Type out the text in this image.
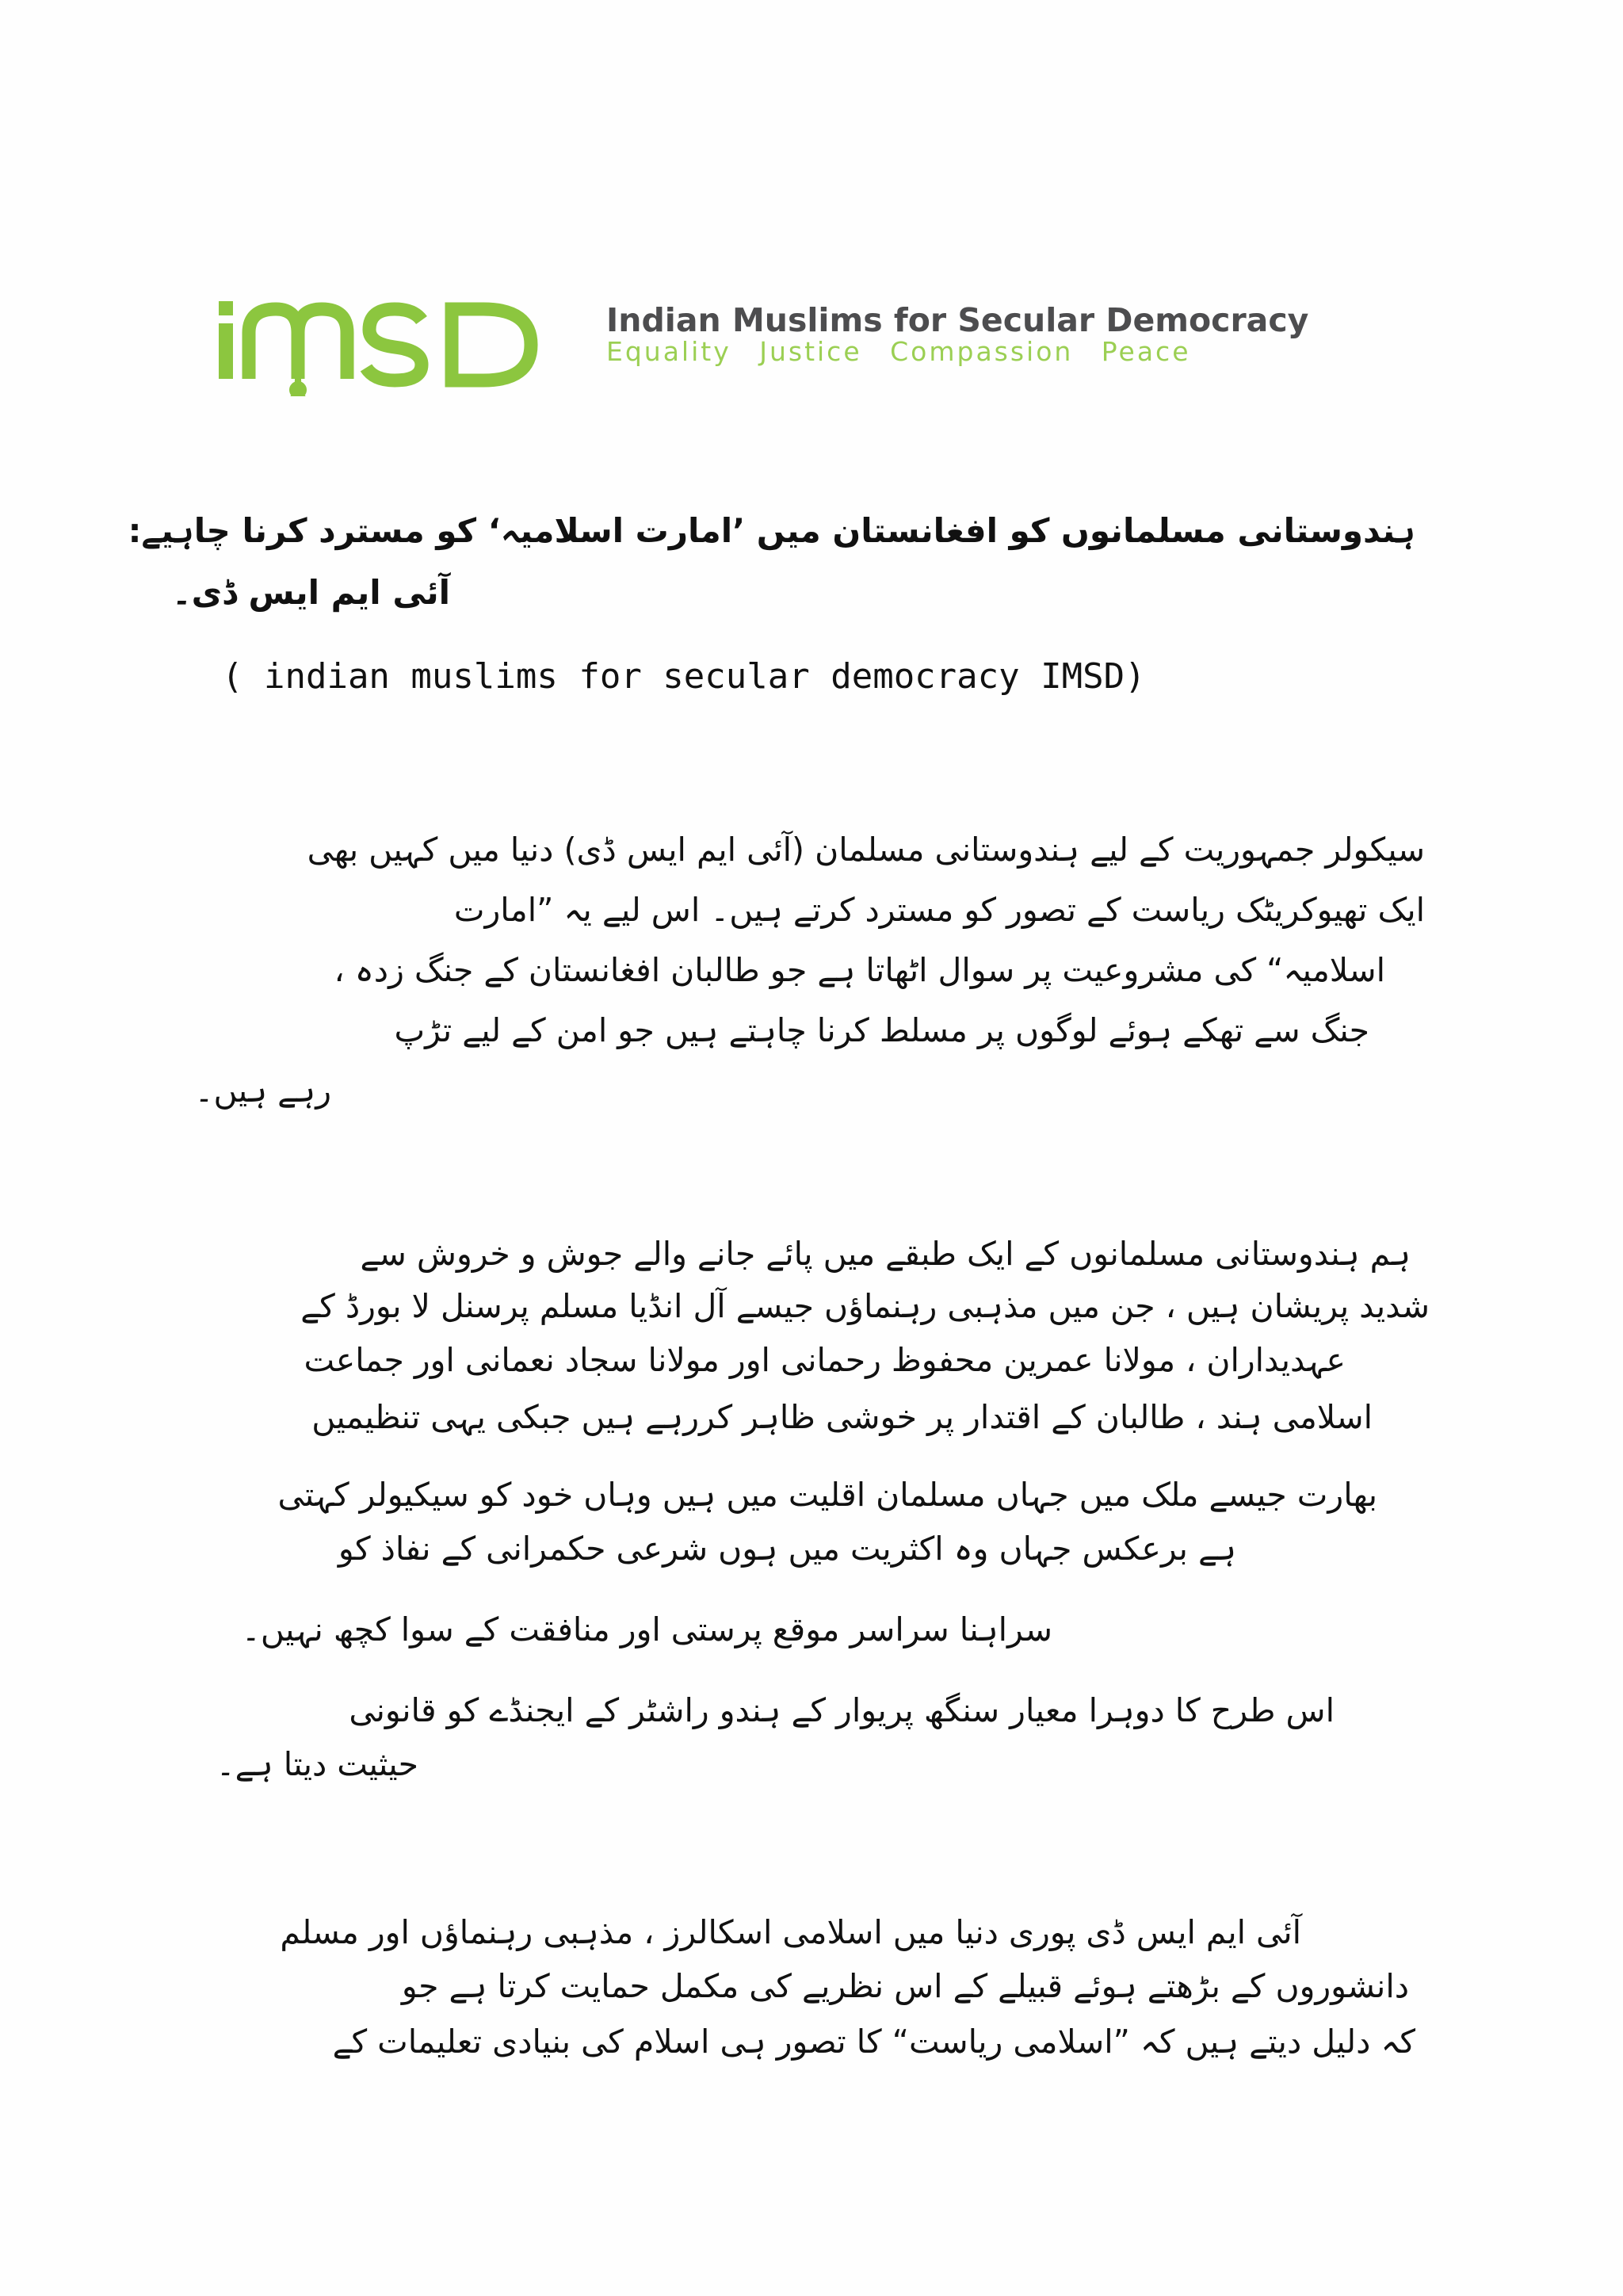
Indian Muslims for Secular Democracy
Equality Justice Compassion Peace
ہندوستانی مسلمانوں کو افغانستان میں ’امارت اسلامیہ‘ کو مسترد کرنا چاہیے:
آئی ایم ایس ڈی۔
( indian muslims for secular democracy IMSD)
سیکولر جمہوریت کے لیے ہندوستانی مسلمان (آئی ایم ایس ڈی) دنیا میں کہیں بھی
ایک تھیوکریٹک ریاست کے تصور کو مسترد کرتے ہیں۔ اس لیے یہ ”امارت
اسلامیہ“ کی مشروعیت پر سوال اٹھاتا ہے جو طالبان افغانستان کے جنگ زدہ ،
جنگ سے تھکے ہوئے لوگوں پر مسلط کرنا چاہتے ہیں جو امن کے لیے تڑپ
رہے ہیں۔
ہم ہندوستانی مسلمانوں کے ایک طبقے میں پائے جانے والے جوش و خروش سے
شدید پریشان ہیں ، جن میں مذہبی رہنماؤں جیسے آل انڈیا مسلم پرسنل لا بورڈ کے
عہدیداران ، مولانا عمرین محفوظ رحمانی اور مولانا سجاد نعمانی اور جماعت
اسلامی ہند ، طالبان کے اقتدار پر خوشی ظاہر کررہے ہیں جبکی یہی تنظیمیں
بھارت جیسے ملک میں جہاں مسلمان اقلیت میں ہیں وہاں خود کو سیکیولر کہتی
ہے برعکس جہاں وہ اکثریت میں ہوں شرعی حکمرانی کے نفاذ کو
سراہنا سراسر موقع پرستی اور منافقت کے سوا کچھ نہیں۔
اس طرح کا دوہرا معیار سنگھ پریوار کے ہندو راشٹر کے ایجنڈے کو قانونی
حیثیت دیتا ہے۔
آئی ایم ایس ڈی پوری دنیا میں اسلامی اسکالرز ، مذہبی رہنماؤں اور مسلم
دانشوروں کے بڑھتے ہوئے قبیلے کے اس نظریے کی مکمل حمایت کرتا ہے جو
کہ دلیل دیتے ہیں کہ ”اسلامی ریاست“ کا تصور ہی اسلام کی بنیادی تعلیمات کے
